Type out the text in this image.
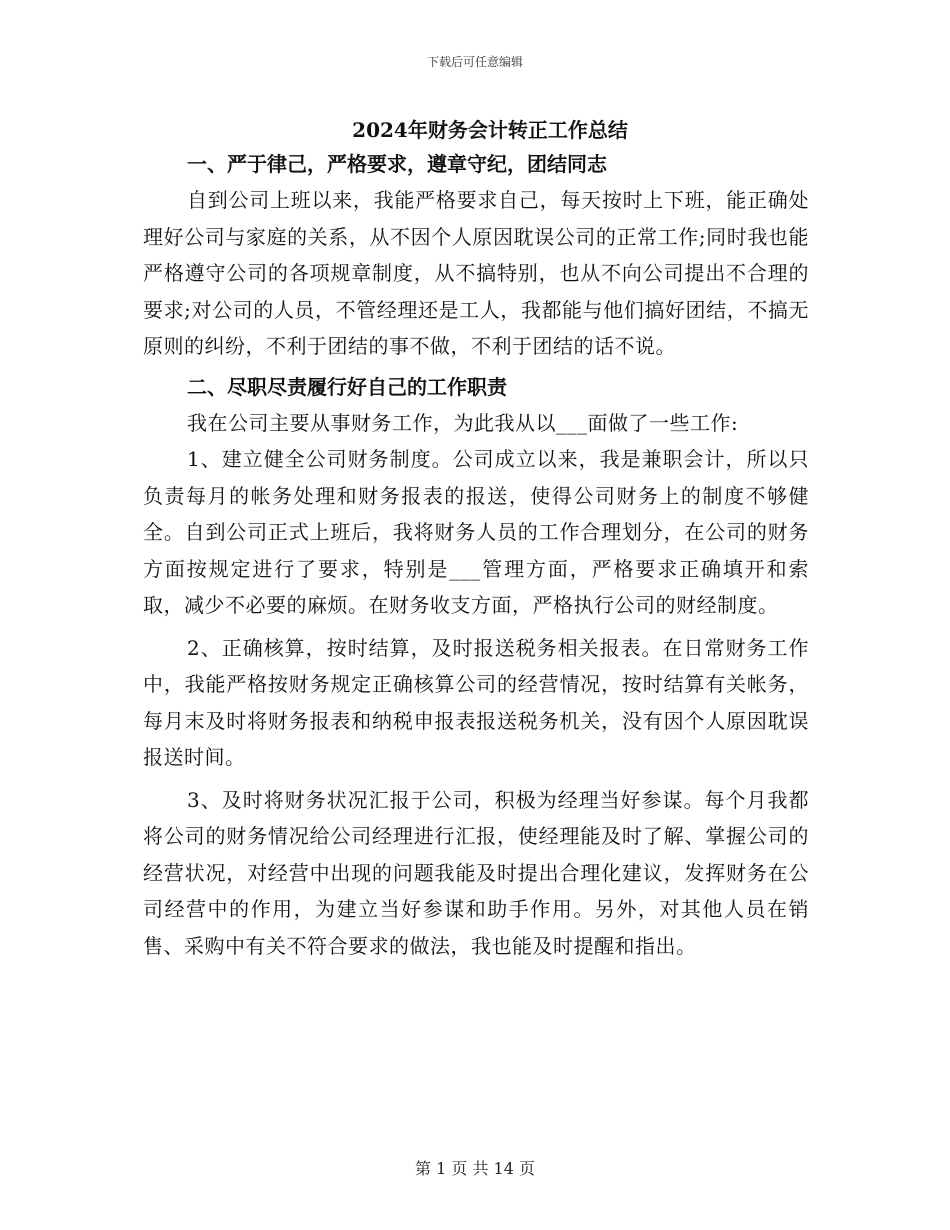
下载后可任意编辑
2024年财务会计转正工作总结
一、严于律己，严格要求，遵章守纪，团结同志

自到公司上班以来，我能严格要求自己，每天按时上下班，能正确处理好公司与家庭的关系，从不因个人原因耽误公司的正常工作;同时我也能严格遵守公司的各项规章制度，从不搞特别，也从不向公司提出不合理的要求;对公司的人员，不管经理还是工人，我都能与他们搞好团结，不搞无原则的纠纷，不利于团结的事不做，不利于团结的话不说。

二、尽职尽责履行好自己的工作职责

我在公司主要从事财务工作，为此我从以___面做了一些工作:

1、建立健全公司财务制度。公司成立以来，我是兼职会计，所以只负责每月的帐务处理和财务报表的报送，使得公司财务上的制度不够健全。自到公司正式上班后，我将财务人员的工作合理划分，在公司的财务方面按规定进行了要求，特别是___管理方面，严格要求正确填开和索取，减少不必要的麻烦。在财务收支方面，严格执行公司的财经制度。

2、正确核算，按时结算，及时报送税务相关报表。在日常财务工作中，我能严格按财务规定正确核算公司的经营情况，按时结算有关帐务，每月末及时将财务报表和纳税申报表报送税务机关，没有因个人原因耽误报送时间。

3、及时将财务状况汇报于公司，积极为经理当好参谋。每个月我都将公司的财务情况给公司经理进行汇报，使经理能及时了解、掌握公司的经营状况，对经营中出现的问题我能及时提出合理化建议，发挥财务在公司经营中的作用，为建立当好参谋和助手作用。另外，对其他人员在销售、采购中有关不符合要求的做法，我也能及时提醒和指出。

第 1 页 共 14 页
